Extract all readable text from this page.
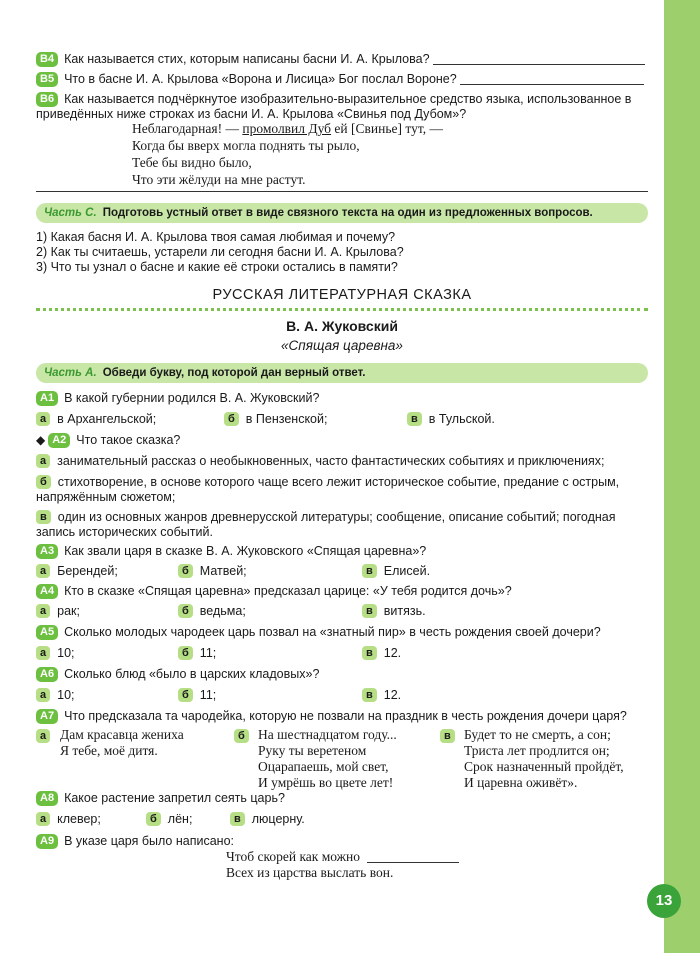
13
B4 Как называется стих, которым написаны басни И. А. Крылова?
B5 Что в басне И. А. Крылова «Ворона и Лисица» Бог послал Вороне?
B6 Как называется подчёркнутое изобразительно-выразительное средство языка, использованное в
приведённых ниже строках из басни И. А. Крылова «Свинья под Дубом»?
Неблагодарная! — промолвил Дуб ей [Свинье] тут, —
Когда бы вверх могла поднять ты рыло,
Тебе бы видно было,
Что эти жёлуди на мне растут.
Часть С. Подготовь устный ответ в виде связного текста на один из предложенных вопросов.
1) Какая басня И. А. Крылова твоя самая любимая и почему?
2) Как ты считаешь, устарели ли сегодня басни И. А. Крылова?
3) Что ты узнал о басне и какие её строки остались в памяти?
РУССКАЯ ЛИТЕРАТУРНАЯ СКАЗКА
В. А. Жуковский
«Спящая царевна»
Часть А. Обведи букву, под которой дан верный ответ.
А1 В какой губернии родился В. А. Жуковский?
а в Архангельской;	б в Пензенской;	в в Тульской.
◆ А2 Что такое сказка?
а занимательный рассказ о необыкновенных, часто фантастических событиях и приключениях;
б стихотворение, в основе которого чаще всего лежит историческое событие, предание с острым,
напряжённым сюжетом;
в один из основных жанров древнерусской литературы; сообщение, описание событий; погодная
запись исторических событий.
А3 Как звали царя в сказке В. А. Жуковского «Спящая царевна»?
а Берендей;	б Матвей;	в Елисей.
А4 Кто в сказке «Спящая царевна» предсказал царице: «У тебя родится дочь»?
а рак;	б ведьма;	в витязь.
А5 Сколько молодых чародеек царь позвал на «знатный пир» в честь рождения своей дочери?
а 10;	б 11;	в 12.
А6 Сколько блюд «было в царских кладовых»?
а 10;	б 11;	в 12.
А7 Что предсказала та чародейка, которую не позвали на праздник в честь рождения дочери царя?
а	Дам красавца жениха
Я тебе, моё дитя.
б На шестнадцатом году...
Руку ты веретеном
Оцарапаешь, мой свет,
И умрёшь во цвете лет!
в Будет то не смерть, а сон;
Триста лет продлится он;
Срок назначенный пройдёт,
И царевна оживёт».
А8 Какое растение запретил сеять царь?
а клевер;	б лён;	в люцерну.
А9 В указе царя было написано:
Чтоб скорей как можно
Всех из царства выслать вон.
